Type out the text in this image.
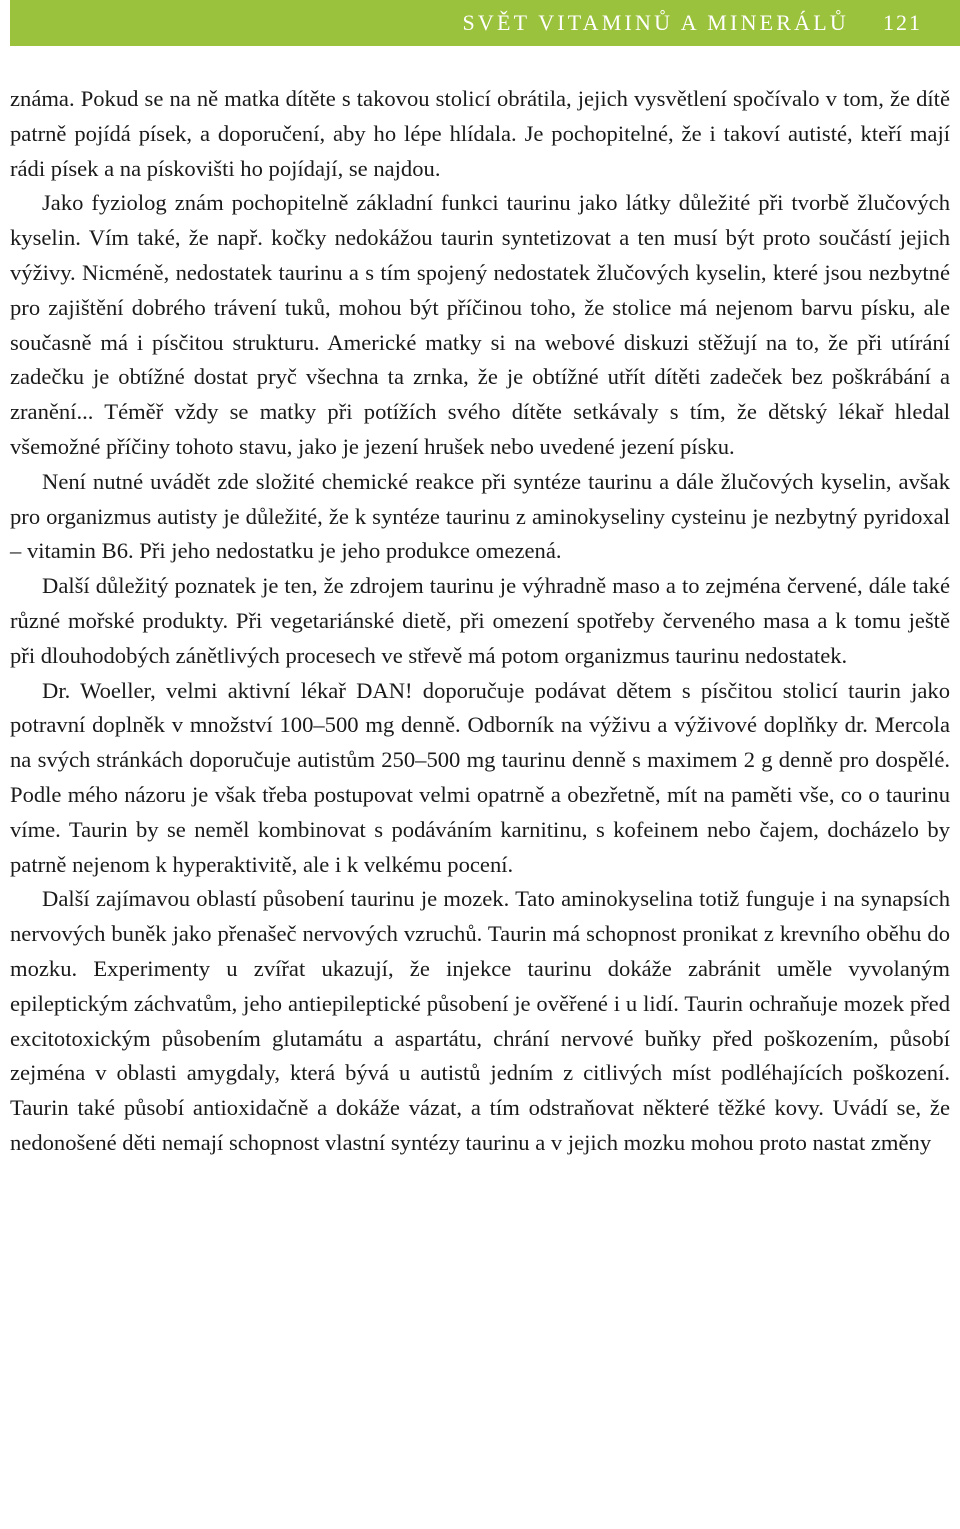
SVĚT VITAMINŮ A MINERÁLŮ 121

známa. Pokud se na ně matka dítěte s takovou stolicí obrátila, jejich vysvětlení spočívalo v tom, že dítě patrně pojídá písek, a doporučení, aby ho lépe hlídala. Je pochopitelné, že i takoví autisté, kteří mají rádi písek a na pískovišti ho pojídají, se najdou.

Jako fyziolog znám pochopitelně základní funkci taurinu jako látky důležité při tvorbě žlučových kyselin. Vím také, že např. kočky nedokážou taurin syntetizovat a ten musí být proto součástí jejich výživy. Nicméně, nedostatek taurinu a s tím spojený nedostatek žlučových kyselin, které jsou nezbytné pro zajištění dobrého trávení tuků, mohou být příčinou toho, že stolice má nejenom barvu písku, ale současně má i písčitou strukturu. Americké matky si na webové diskuzi stěžují na to, že při utírání zadečku je obtížné dostat pryč všechna ta zrnka, že je obtížné utřít dítěti zadeček bez poškrábání a zranění... Téměř vždy se matky při potížích svého dítěte setkávaly s tím, že dětský lékař hledal všemožné příčiny tohoto stavu, jako je jezení hrušek nebo uvedené jezení písku.

Není nutné uvádět zde složité chemické reakce při syntéze taurinu a dále žlučových kyselin, avšak pro organizmus autisty je důležité, že k syntéze taurinu z aminokyseliny cysteinu je nezbytný pyridoxal – vitamin B6. Při jeho nedostatku je jeho produkce omezená.

Další důležitý poznatek je ten, že zdrojem taurinu je výhradně maso a to zejména červené, dále také různé mořské produkty. Při vegetariánské dietě, při omezení spotřeby červeného masa a k tomu ještě při dlouhodobých zánětlivých procesech ve střevě má potom organizmus taurinu nedostatek.

Dr. Woeller, velmi aktivní lékař DAN! doporučuje podávat dětem s písčitou stolicí taurin jako potravní doplněk v množství 100–500 mg denně. Odborník na výživu a výživové doplňky dr. Mercola na svých stránkách doporučuje autistům 250–500 mg taurinu denně s maximem 2 g denně pro dospělé. Podle mého názoru je však třeba postupovat velmi opatrně a obezřetně, mít na paměti vše, co o taurinu víme. Taurin by se neměl kombinovat s podáváním karnitinu, s kofeinem nebo čajem, docházelo by patrně nejenom k hyperaktivitě, ale i k velkému pocení.

Další zajímavou oblastí působení taurinu je mozek. Tato aminokyselina totiž funguje i na synapsích nervových buněk jako přenašeč nervových vzruchů. Taurin má schopnost pronikat z krevního oběhu do mozku. Experimenty u zvířat ukazují, že injekce taurinu dokáže zabránit uměle vyvolaným epileptickým záchvatům, jeho antiepileptické působení je ověřené i u lidí. Taurin ochraňuje mozek před excitotoxickým působením glutamátu a aspartátu, chrání nervové buňky před poškozením, působí zejména v oblasti amygdaly, která bývá u autistů jedním z citlivých míst podléhajících poškození. Taurin také působí antioxidačně a dokáže vázat, a tím odstraňovat některé těžké kovy. Uvádí se, že nedonošené děti nemají schopnost vlastní syntézy taurinu a v jejich mozku mohou proto nastat změny
